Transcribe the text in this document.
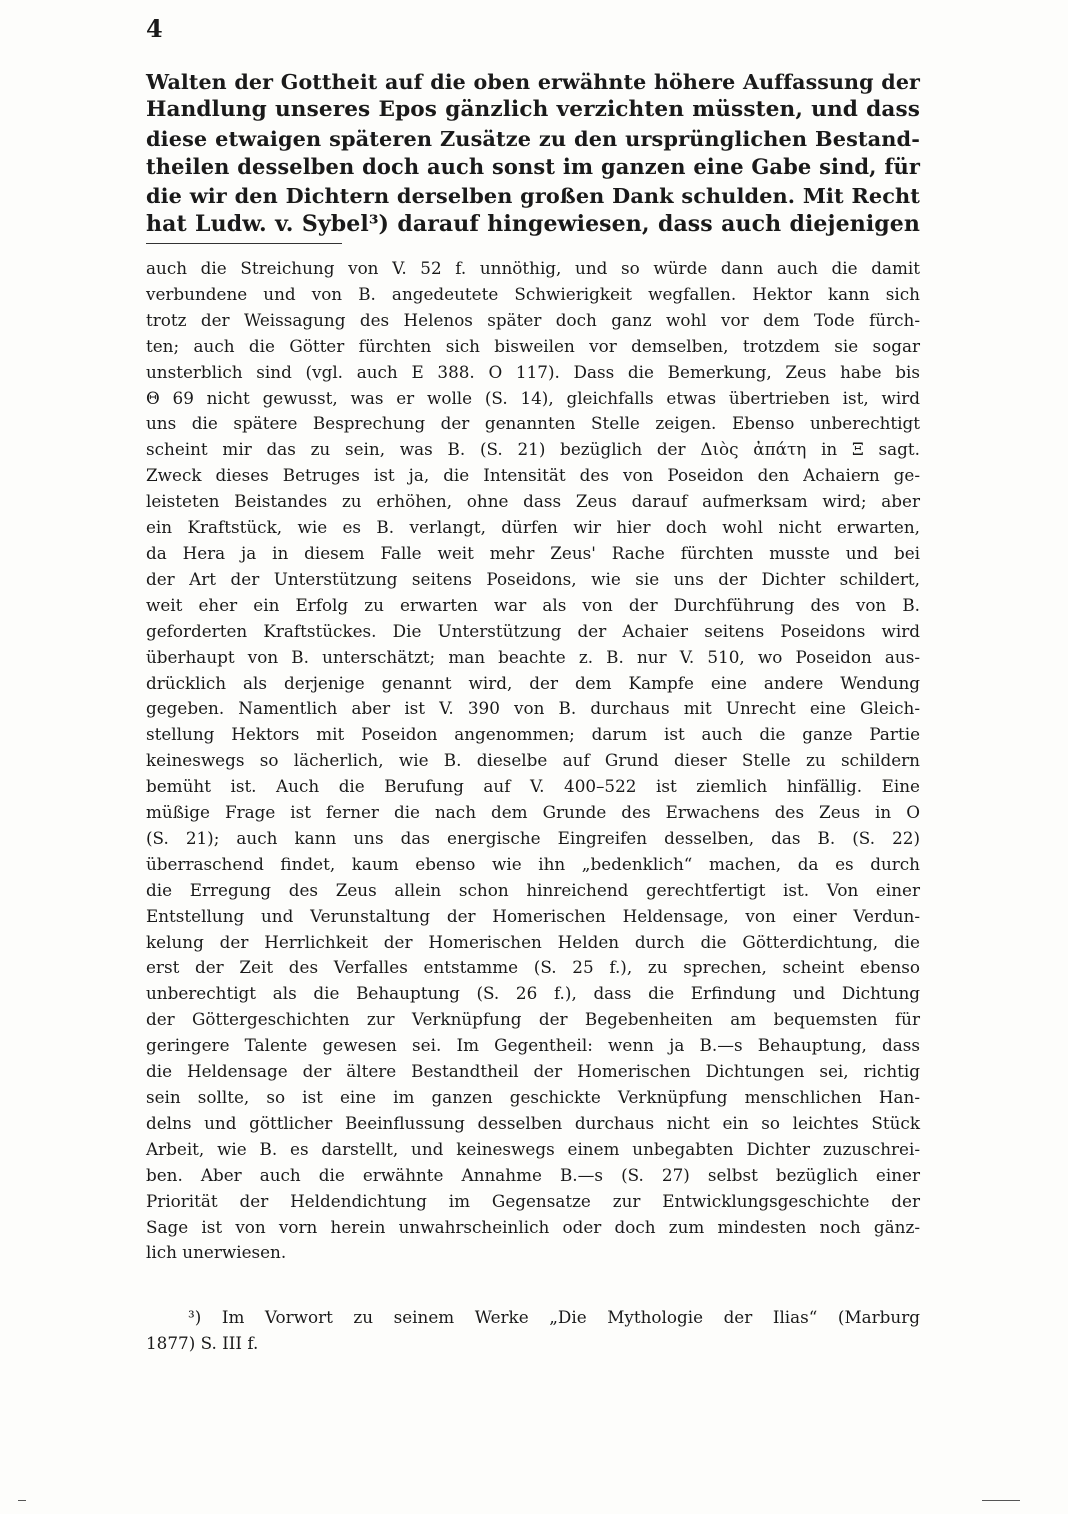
4
Walten der Gottheit auf die oben erwähnte höhere Auffassung der
Handlung unseres Epos gänzlich verzichten müssten, und dass
diese etwaigen späteren Zusätze zu den ursprünglichen Bestand-
theilen desselben doch auch sonst im ganzen eine Gabe sind, für
die wir den Dichtern derselben großen Dank schulden. Mit Recht
hat Ludw. v. Sybel³) darauf hingewiesen, dass auch diejenigen
auch die Streichung von V. 52 f. unnöthig, und so würde dann auch die damit
verbundene und von B. angedeutete Schwierigkeit wegfallen. Hektor kann sich
trotz der Weissagung des Helenos später doch ganz wohl vor dem Tode fürch-
ten; auch die Götter fürchten sich bisweilen vor demselben, trotzdem sie sogar
unsterblich sind (vgl. auch E 388. O 117). Dass die Bemerkung, Zeus habe bis
Θ 69 nicht gewusst, was er wolle (S. 14), gleichfalls etwas übertrieben ist, wird
uns die spätere Besprechung der genannten Stelle zeigen. Ebenso unberechtigt
scheint mir das zu sein, was B. (S. 21) bezüglich der Διὸς ἀπάτη in Ξ sagt.
Zweck dieses Betruges ist ja, die Intensität des von Poseidon den Achaiern ge-
leisteten Beistandes zu erhöhen, ohne dass Zeus darauf aufmerksam wird; aber
ein Kraftstück, wie es B. verlangt, dürfen wir hier doch wohl nicht erwarten,
da Hera ja in diesem Falle weit mehr Zeus' Rache fürchten musste und bei
der Art der Unterstützung seitens Poseidons, wie sie uns der Dichter schildert,
weit eher ein Erfolg zu erwarten war als von der Durchführung des von B.
geforderten Kraftstückes. Die Unterstützung der Achaier seitens Poseidons wird
überhaupt von B. unterschätzt; man beachte z. B. nur V. 510, wo Poseidon aus-
drücklich als derjenige genannt wird, der dem Kampfe eine andere Wendung
gegeben. Namentlich aber ist V. 390 von B. durchaus mit Unrecht eine Gleich-
stellung Hektors mit Poseidon angenommen; darum ist auch die ganze Partie
keineswegs so lächerlich, wie B. dieselbe auf Grund dieser Stelle zu schildern
bemüht ist. Auch die Berufung auf V. 400–522 ist ziemlich hinfällig. Eine
müßige Frage ist ferner die nach dem Grunde des Erwachens des Zeus in O
(S. 21); auch kann uns das energische Eingreifen desselben, das B. (S. 22)
überraschend findet, kaum ebenso wie ihn „bedenklich“ machen, da es durch
die Erregung des Zeus allein schon hinreichend gerechtfertigt ist. Von einer
Entstellung und Verunstaltung der Homerischen Heldensage, von einer Verdun-
kelung der Herrlichkeit der Homerischen Helden durch die Götterdichtung, die
erst der Zeit des Verfalles entstamme (S. 25 f.), zu sprechen, scheint ebenso
unberechtigt als die Behauptung (S. 26 f.), dass die Erfindung und Dichtung
der Göttergeschichten zur Verknüpfung der Begebenheiten am bequemsten für
geringere Talente gewesen sei. Im Gegentheil: wenn ja B.—s Behauptung, dass
die Heldensage der ältere Bestandtheil der Homerischen Dichtungen sei, richtig
sein sollte, so ist eine im ganzen geschickte Verknüpfung menschlichen Han-
delns und göttlicher Beeinflussung desselben durchaus nicht ein so leichtes Stück
Arbeit, wie B. es darstellt, und keineswegs einem unbegabten Dichter zuzuschrei-
ben. Aber auch die erwähnte Annahme B.—s (S. 27) selbst bezüglich einer
Priorität der Heldendichtung im Gegensatze zur Entwicklungsgeschichte der
Sage ist von vorn herein unwahrscheinlich oder doch zum mindesten noch gänz-
lich unerwiesen.
³) Im Vorwort zu seinem Werke „Die Mythologie der Ilias“ (Marburg
1877) S. III f.
